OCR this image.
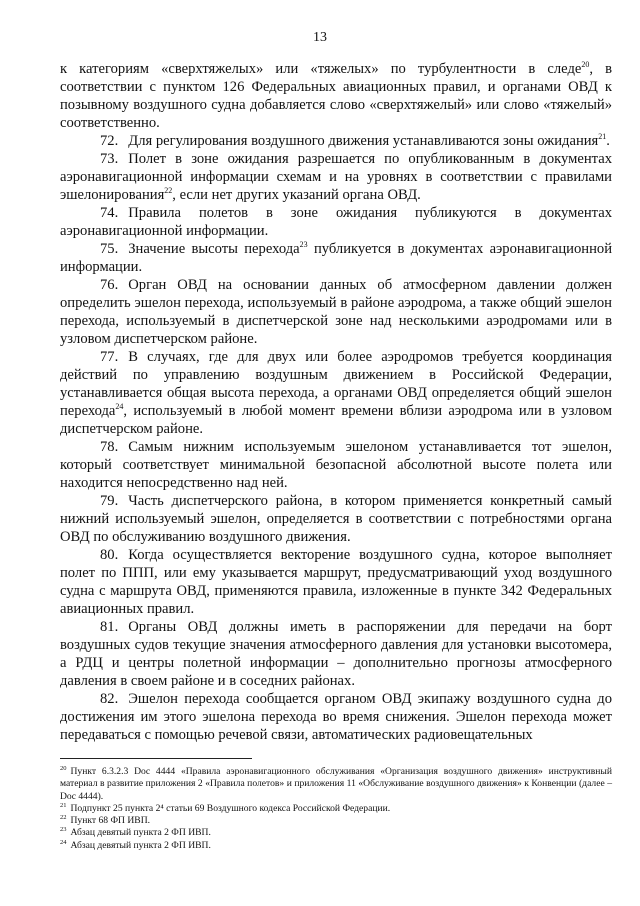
13

к категориям «сверхтяжелых» или «тяжелых» по турбулентности в следе$^{20}$, в соответствии с пунктом 126 Федеральных авиационных правил, и органами ОВД к позывному воздушного судна добавляется слово «сверхтяжелый» или слово «тяжелый» соответственно.

72. Для регулирования воздушного движения устанавливаются зоны ожидания$^{21}$.

73. Полет в зоне ожидания разрешается по опубликованным в документах аэронавигационной информации схемам и на уровнях в соответствии с правилами эшелонирования$^{22}$, если нет других указаний органа ОВД.

74. Правила полетов в зоне ожидания публикуются в документах аэронавигационной информации.

75. Значение высоты перехода$^{23}$ публикуется в документах аэронавигационной информации.

76. Орган ОВД на основании данных об атмосферном давлении должен определить эшелон перехода, используемый в районе аэродрома, а также общий эшелон перехода, используемый в диспетчерской зоне над несколькими аэродромами или в узловом диспетчерском районе.

77. В случаях, где для двух или более аэродромов требуется координация действий по управлению воздушным движением в Российской Федерации, устанавливается общая высота перехода, а органами ОВД определяется общий эшелон перехода$^{24}$, используемый в любой момент времени вблизи аэродрома или в узловом диспетчерском районе.

78. Самым нижним используемым эшелоном устанавливается тот эшелон, который соответствует минимальной безопасной абсолютной высоте полета или находится непосредственно над ней.

79. Часть диспетчерского района, в котором применяется конкретный самый нижний используемый эшелон, определяется в соответствии с потребностями органа ОВД по обслуживанию воздушного движения.

80. Когда осуществляется векторение воздушного судна, которое выполняет полет по ППП, или ему указывается маршрут, предусматривающий уход воздушного судна с маршрута ОВД, применяются правила, изложенные в пункте 342 Федеральных авиационных правил.

81. Органы ОВД должны иметь в распоряжении для передачи на борт воздушных судов текущие значения атмосферного давления для установки высотомера, а РДЦ и центры полетной информации – дополнительно прогнозы атмосферного давления в своем районе и в соседних районах.

82. Эшелон перехода сообщается органом ОВД экипажу воздушного судна до достижения им этого эшелона перехода во время снижения. Эшелон перехода может передаваться с помощью речевой связи, автоматических радиовещательных

$^{20}$ Пункт 6.3.2.3 Doc 4444 «Правила аэронавигационного обслуживания «Организация воздушного движения» инструктивный материал в развитие приложения 2 «Правила полетов» и приложения 11 «Обслуживание воздушного движения» к Конвенции (далее – Doc 4444).

$^{21}$ Подпункт 25 пункта 2⁴ статьи 69 Воздушного кодекса Российской Федерации.

$^{22}$ Пункт 68 ФП ИВП.

$^{23}$ Абзац девятый пункта 2 ФП ИВП.

$^{24}$ Абзац девятый пункта 2 ФП ИВП.
